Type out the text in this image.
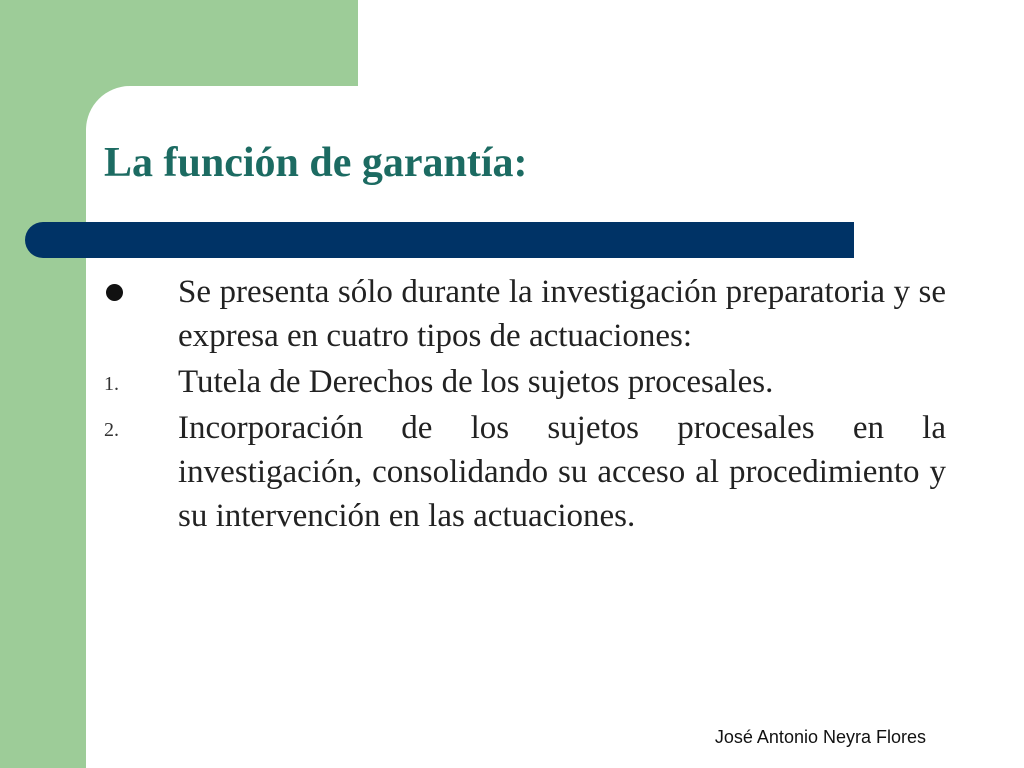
La función de garantía:
Se presenta sólo durante la investigación preparatoria y se expresa en cuatro tipos de actuaciones:
1. Tutela de Derechos de los sujetos procesales.
2. Incorporación de los sujetos procesales en la investigación, consolidando su acceso al procedimiento y su intervención en las actuaciones.
José Antonio Neyra Flores
